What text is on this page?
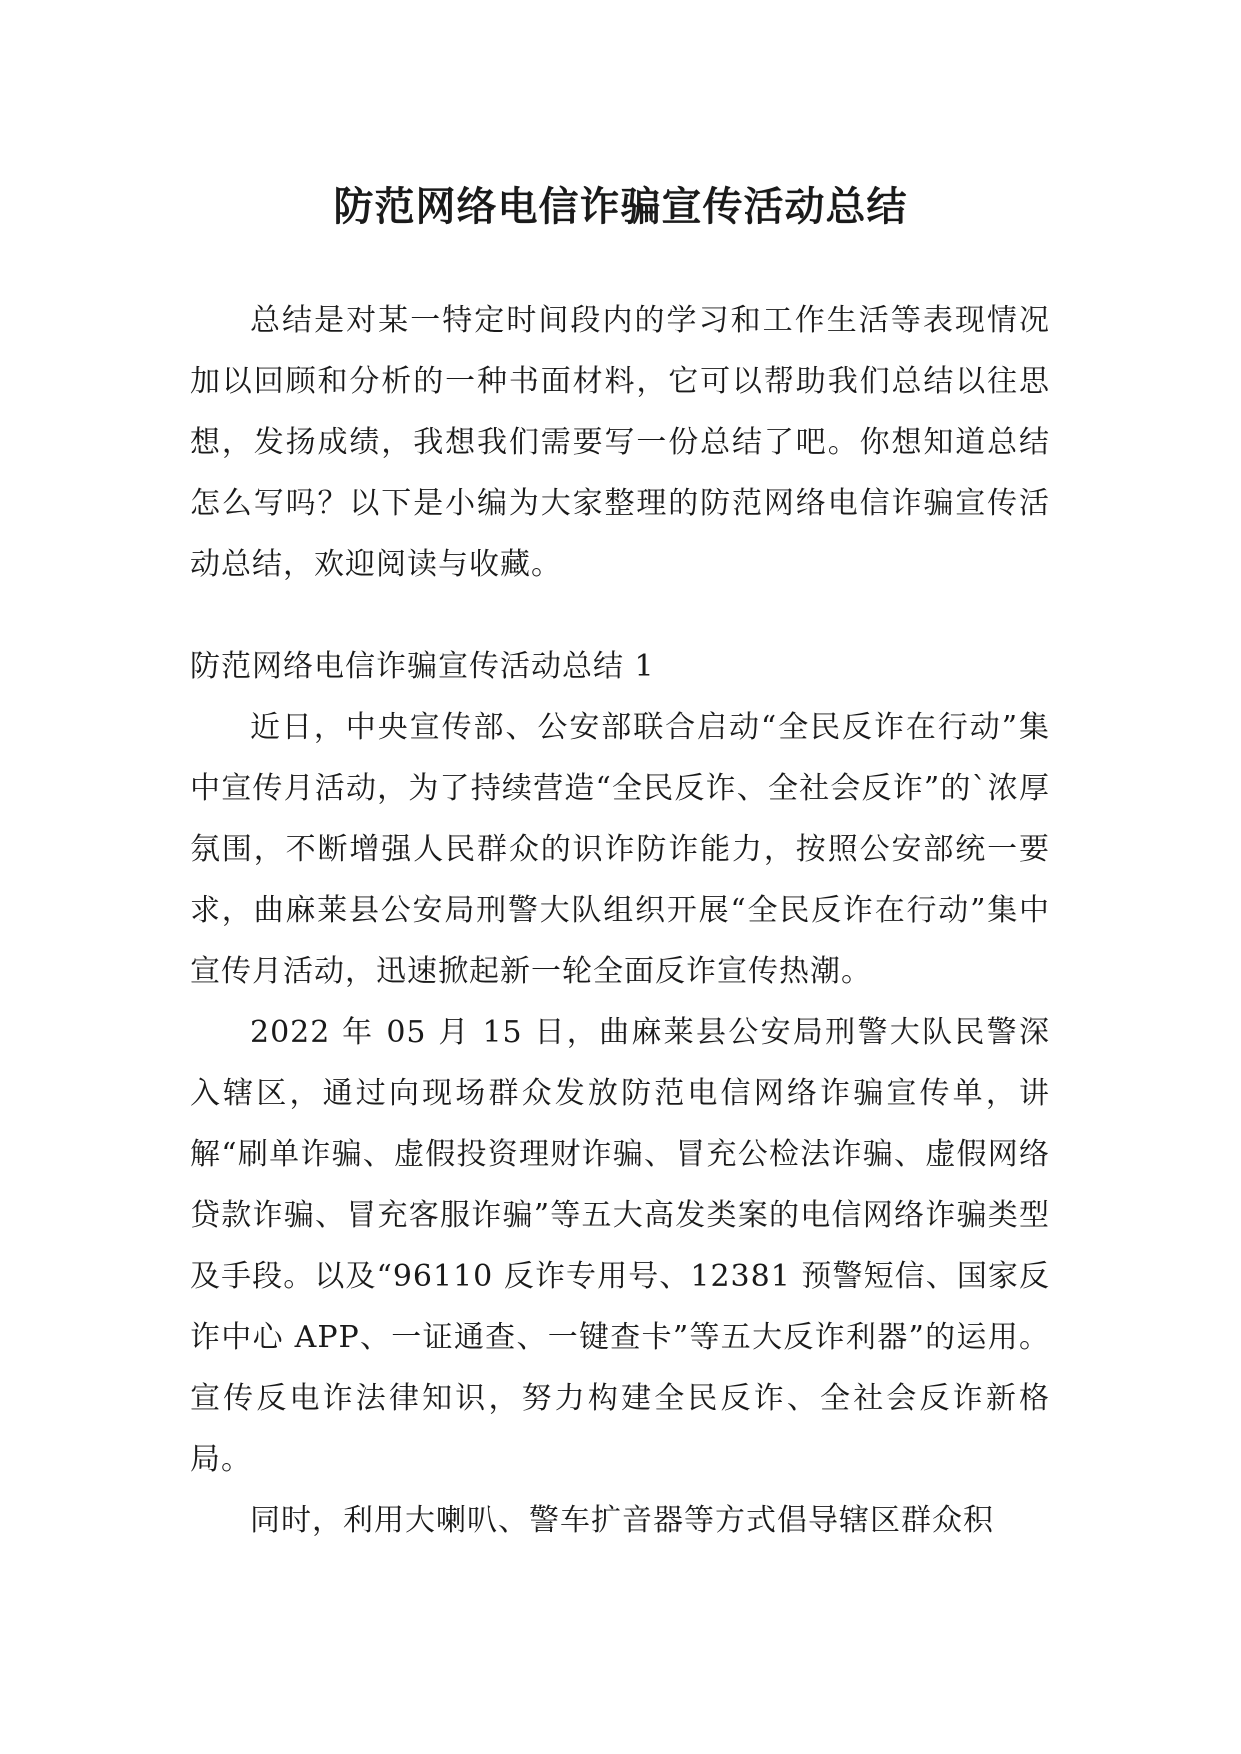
防范网络电信诈骗宣传活动总结

总结是对某一特定时间段内的学习和工作生活等表现情况加以回顾和分析的一种书面材料，它可以帮助我们总结以往思想，发扬成绩，我想我们需要写一份总结了吧。你想知道总结怎么写吗？以下是小编为大家整理的防范网络电信诈骗宣传活动总结，欢迎阅读与收藏。

防范网络电信诈骗宣传活动总结 1

近日，中央宣传部、公安部联合启动“全民反诈在行动”集中宣传月活动，为了持续营造“全民反诈、全社会反诈”的`浓厚氛围，不断增强人民群众的识诈防诈能力，按照公安部统一要求，曲麻莱县公安局刑警大队组织开展“全民反诈在行动”集中宣传月活动，迅速掀起新一轮全面反诈宣传热潮。

2022 年 05 月 15 日，曲麻莱县公安局刑警大队民警深入辖区，通过向现场群众发放防范电信网络诈骗宣传单，讲解“刷单诈骗、虚假投资理财诈骗、冒充公检法诈骗、虚假网络贷款诈骗、冒充客服诈骗”等五大高发类案的电信网络诈骗类型及手段。以及“96110 反诈专用号、12381 预警短信、国家反诈中心 APP、一证通查、一键查卡”等五大反诈利器”的运用。宣传反电诈法律知识，努力构建全民反诈、全社会反诈新格局。

同时，利用大喇叭、警车扩音器等方式倡导辖区群众积
